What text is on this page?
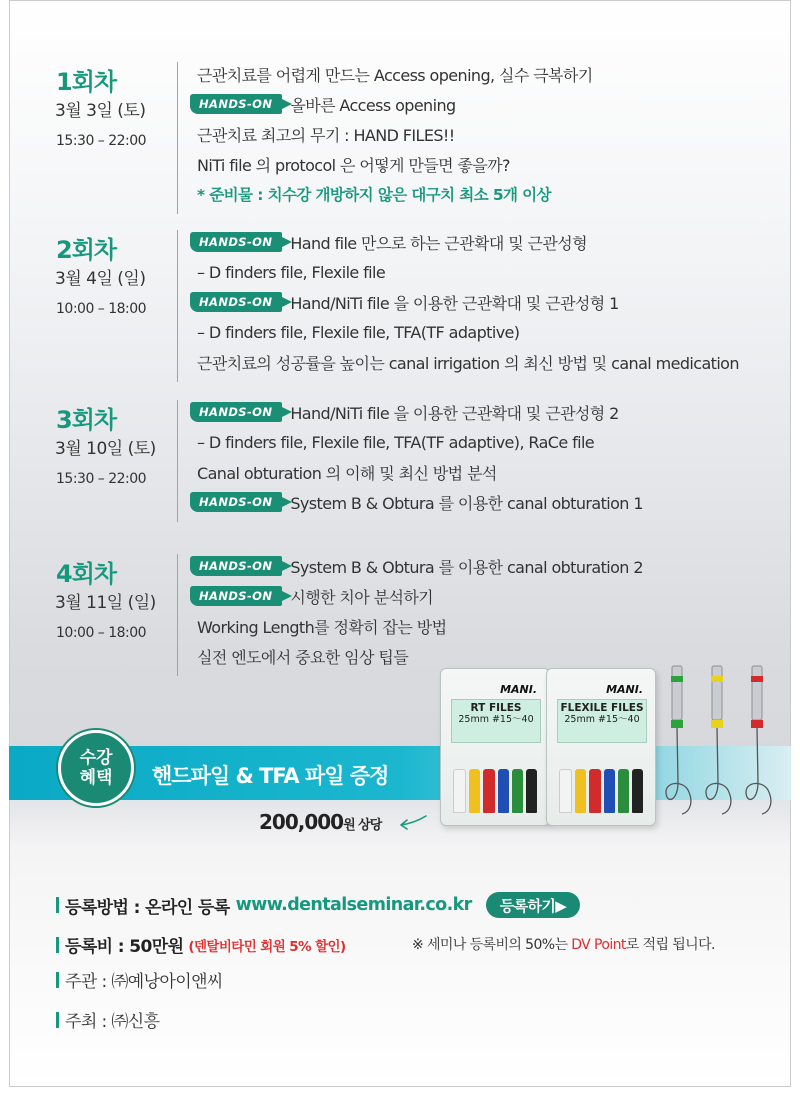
1회차
3월 3일 (토)
15:30 – 22:00
근관치료를 어렵게 만드는 Access opening, 실수 극복하기
HANDS-ON	올바른 Access opening
근관치료 최고의 무기 : HAND FILES!!
NiTi file 의 protocol 은 어떻게 만들면 좋을까?
* 준비물 : 치수강 개방하지 않은 대구치 최소 5개 이상
2회차
3월 4일 (일)
10:00 – 18:00
HANDS-ON	Hand file 만으로 하는 근관확대 및 근관성형
– D finders file, Flexile file
HANDS-ON	Hand/NiTi file 을 이용한 근관확대 및 근관성형 1
– D finders file, Flexile file, TFA(TF adaptive)
근관치료의 성공률을 높이는 canal irrigation 의 최신 방법 및 canal medication
3회차
3월 10일 (토)
15:30 – 22:00
HANDS-ON	Hand/NiTi file 을 이용한 근관확대 및 근관성형 2
– D finders file, Flexile file, TFA(TF adaptive), RaCe file
Canal obturation 의 이해 및 최신 방법 분석
HANDS-ON	System B & Obtura 를 이용한 canal obturation 1
4회차
3월 11일 (일)
10:00 – 18:00
HANDS-ON	System B & Obtura 를 이용한 canal obturation 2
HANDS-ON	시행한 치아 분석하기
Working Length를 정확히 잡는 방법
실전 엔도에서 중요한 임상 팁들
수강
혜택 핸드파일 & TFA 파일 증정
200,000원 상당
MANI.
RT FILES
25mm #15～40
MANI.
FLEXILE FILES
25mm #15～40
등록방법 : 온라인 등록 www.dentalseminar.co.kr	등록하기▶
등록비 : 50만원 (덴탈비타민 회원 5% 할인)	※ 세미나 등록비의 50%는 DV Point로 적립 됩니다.
주관 : ㈜예낭아이앤씨
주최 : ㈜신흥
